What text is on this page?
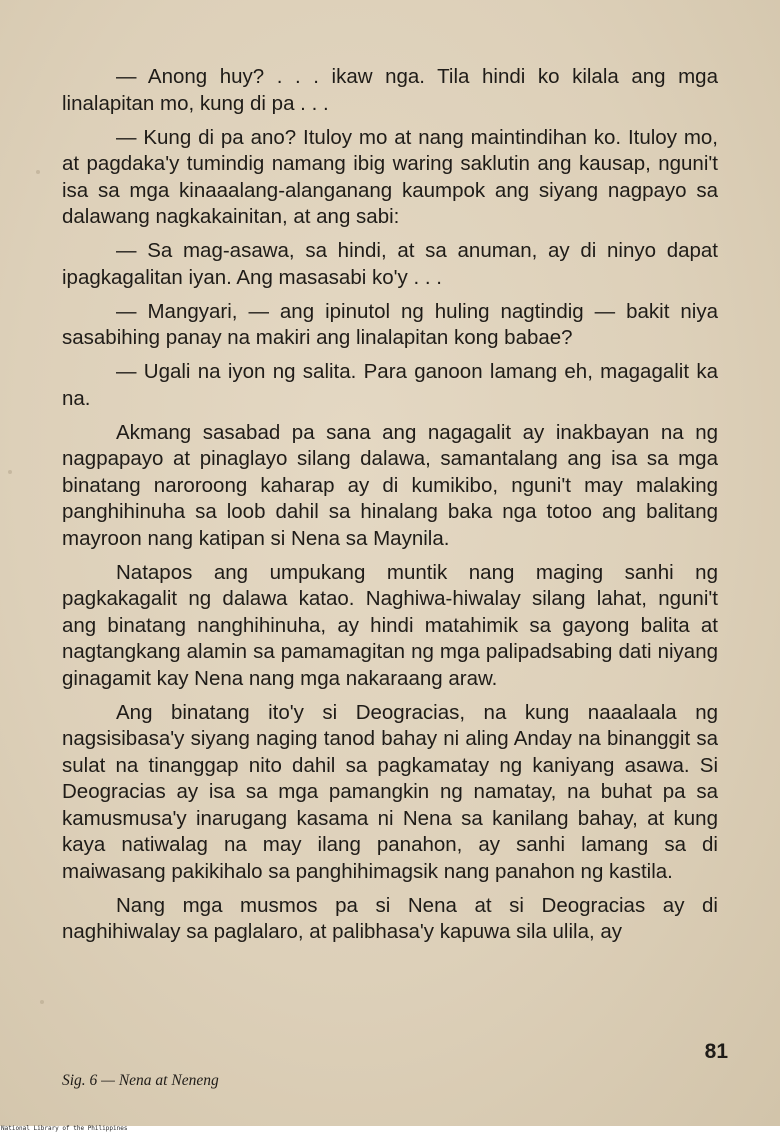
— Anong huy? . . . ikaw nga. Tila hindi ko kilala ang mga linalapitan mo, kung di pa . . .

— Kung di pa ano? Ituloy mo at nang maintindihan ko. Ituloy mo, at pagdaka'y tumindig namang ibig waring saklutin ang kausap, nguni't isa sa mga kinaaalang-alanganang kaumpok ang siyang nagpayo sa dalawang nagkakainitan, at ang sabi:

— Sa mag-asawa, sa hindi, at sa anuman, ay di ninyo dapat ipagkagalitan iyan. Ang masasabi ko'y . . .

— Mangyari, — ang ipinutol ng huling nagtindig — bakit niya sasabihing panay na makiri ang linalapitan kong babae?

— Ugali na iyon ng salita. Para ganoon lamang eh, magagalit ka na.

Akmang sasabad pa sana ang nagagalit ay inakbayan na ng nagpapayo at pinaglayo silang dalawa, samantalang ang isa sa mga binatang naroroong kaharap ay di kumikibo, nguni't may malaking panghihinuha sa loob dahil sa hinalang baka nga totoo ang balitang mayroon nang katipan si Nena sa Maynila.

Natapos ang umpukang muntik nang maging sanhi ng pagkakagalit ng dalawa katao. Naghiwa-hiwalay silang lahat, nguni't ang binatang nanghihinuha, ay hindi matahimik sa gayong balita at nagtangkang alamin sa pamamagitan ng mga palipadsabing dati niyang ginagamit kay Nena nang mga nakaraang araw.

Ang binatang ito'y si Deogracias, na kung naaalaala ng nagsisibasa'y siyang naging tanod bahay ni aling Anday na binanggit sa sulat na tinanggap nito dahil sa pagkamatay ng kaniyang asawa. Si Deogracias ay isa sa mga pamangkin ng namatay, na buhat pa sa kamusmusa'y inarugang kasama ni Nena sa kanilang bahay, at kung kaya natiwalag na may ilang panahon, ay sanhi lamang sa di maiwasang pakikihalo sa panghihimagsik nang panahon ng kastila.

Nang mga musmos pa si Nena at si Deogracias ay di naghihiwalay sa paglalaro, at palibhasa'y kapuwa sila ulila, ay

81
Sig. 6 — Nena at Neneng
National Library of the Philippines
